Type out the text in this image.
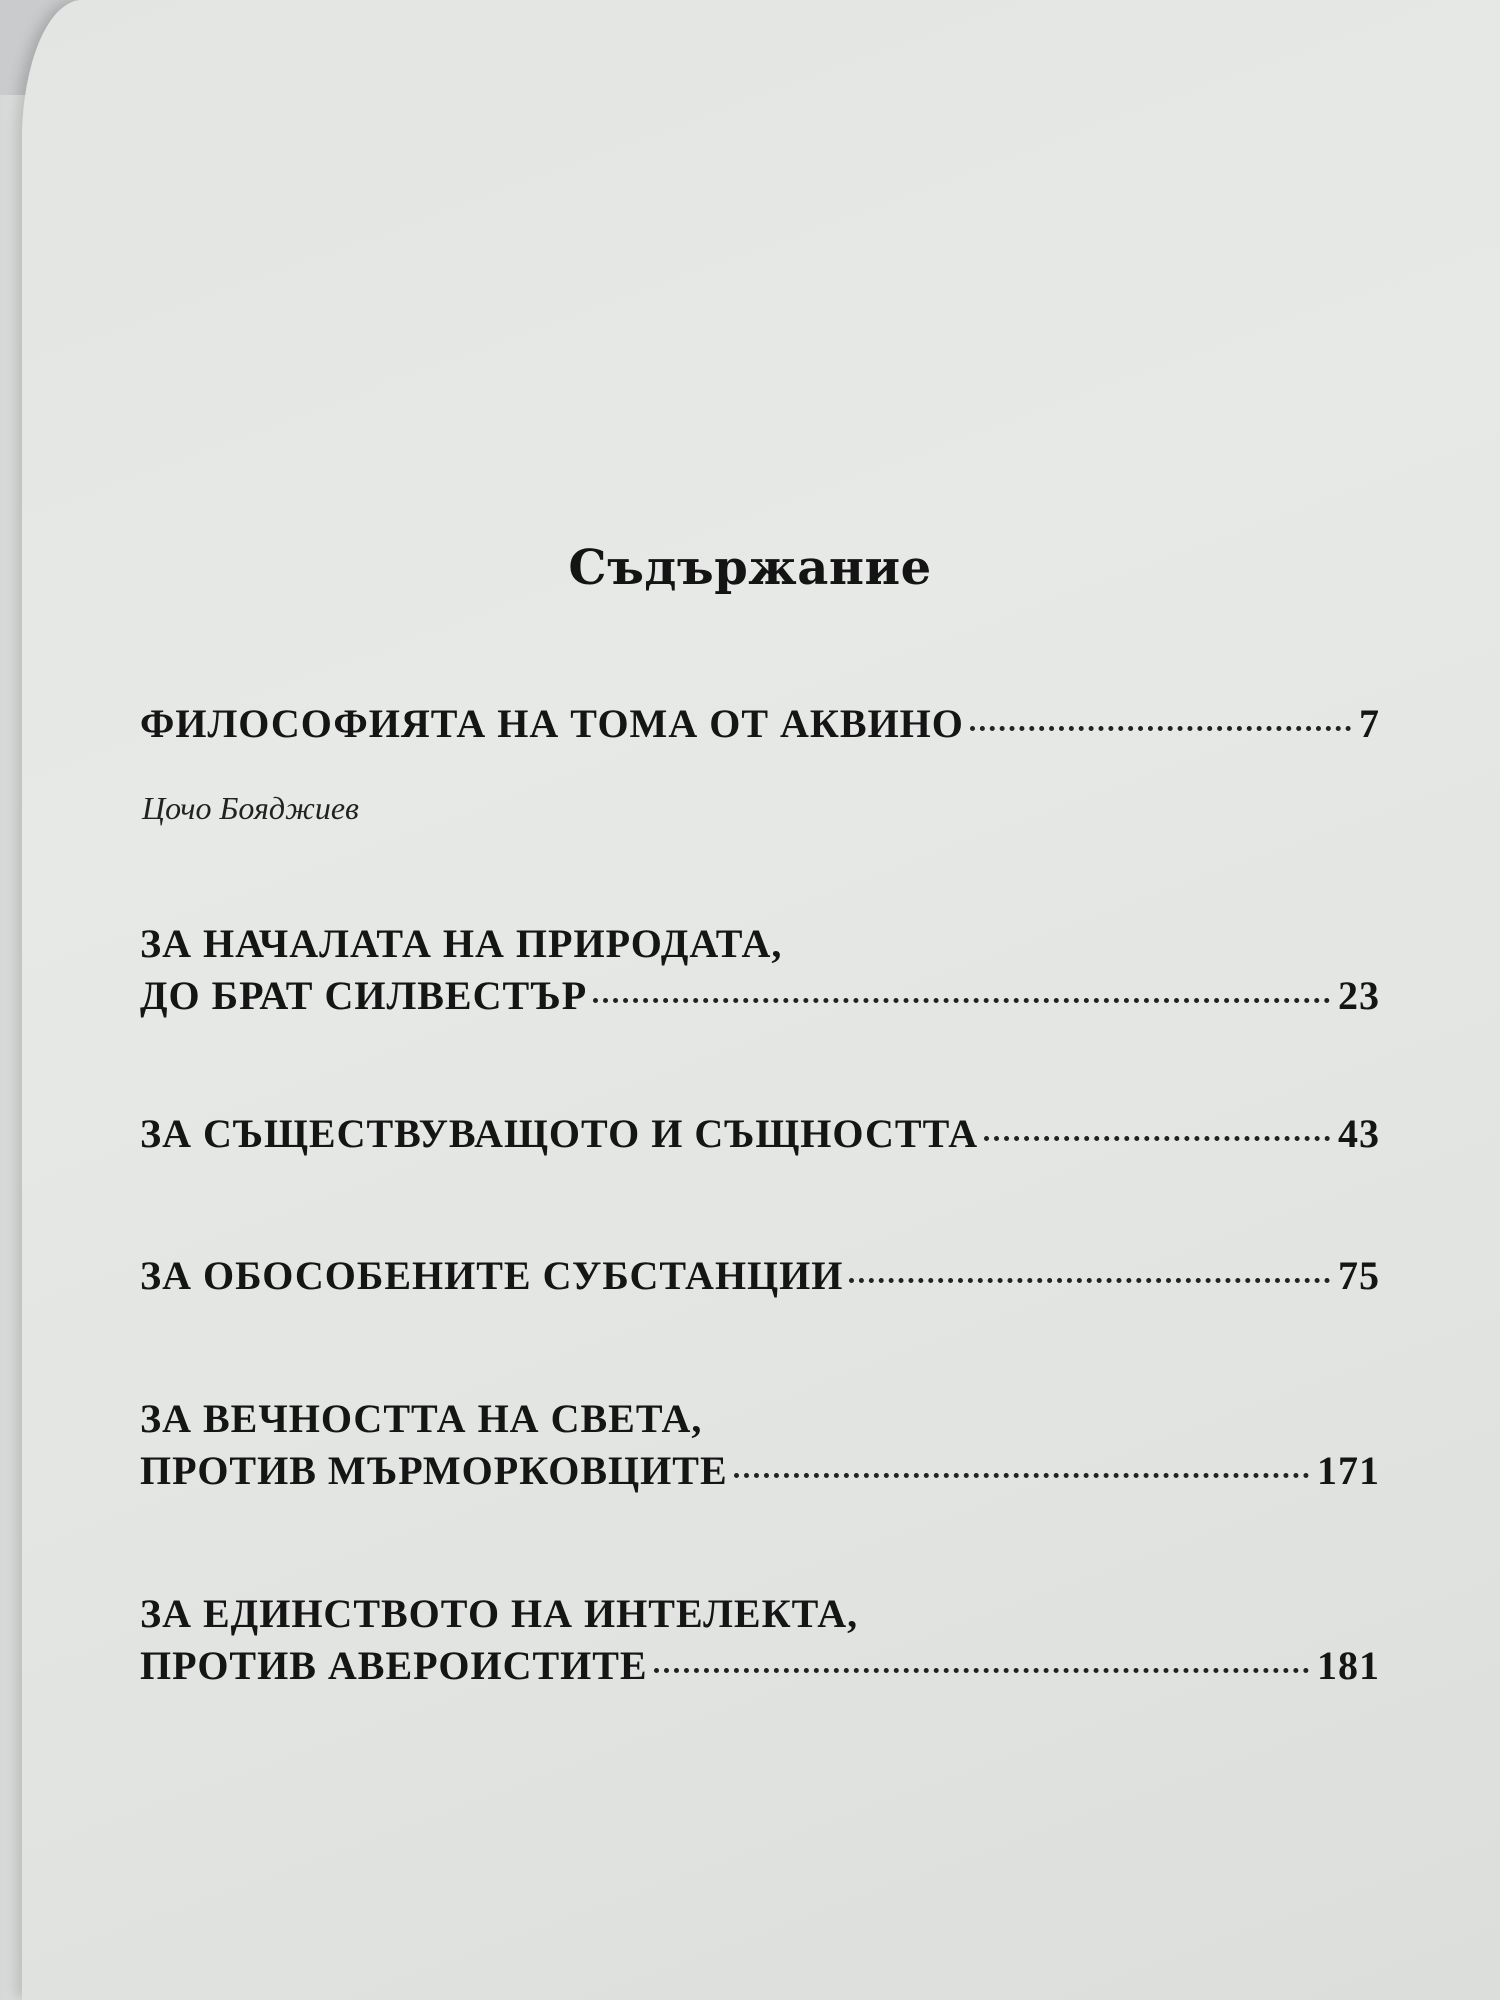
Съдържание
ФИЛОСОФИЯТА НА ТОМА ОТ АКВИНО	7
Цочо Бояджиев
ЗА НАЧАЛАТА НА ПРИРОДАТА,
ДО БРАТ СИЛВЕСТЪР	23
ЗА СЪЩЕСТВУВАЩОТО И СЪЩНОСТТА	43
ЗА ОБОСОБЕНИТЕ СУБСТАНЦИИ	75
ЗА ВЕЧНОСТТА НА СВЕТА,
ПРОТИВ МЪРМОРКОВЦИТЕ	171
ЗА ЕДИНСТВОТО НА ИНТЕЛЕКТА,
ПРОТИВ АВЕРОИСТИТЕ	181
